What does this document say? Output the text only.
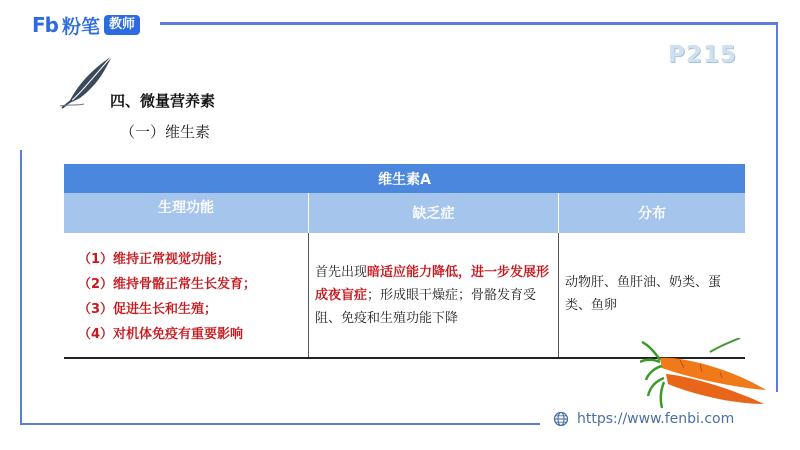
Fb 粉笔 教师
P215
四、微量营养素
（一）维生素
维生素A
生理功能	缺乏症	分布
（1）维持正常视觉功能；
（2）维持骨骼正常生长发育；
（3）促进生长和生殖；
（4）对机体免疫有重要影响
首先出现暗适应能力降低，进一步发展形成夜盲症；形成眼干燥症；骨骼发育受阻、免疫和生殖功能下降
动物肝、鱼肝油、奶类、蛋类、鱼卵
https://www.fenbi.com
